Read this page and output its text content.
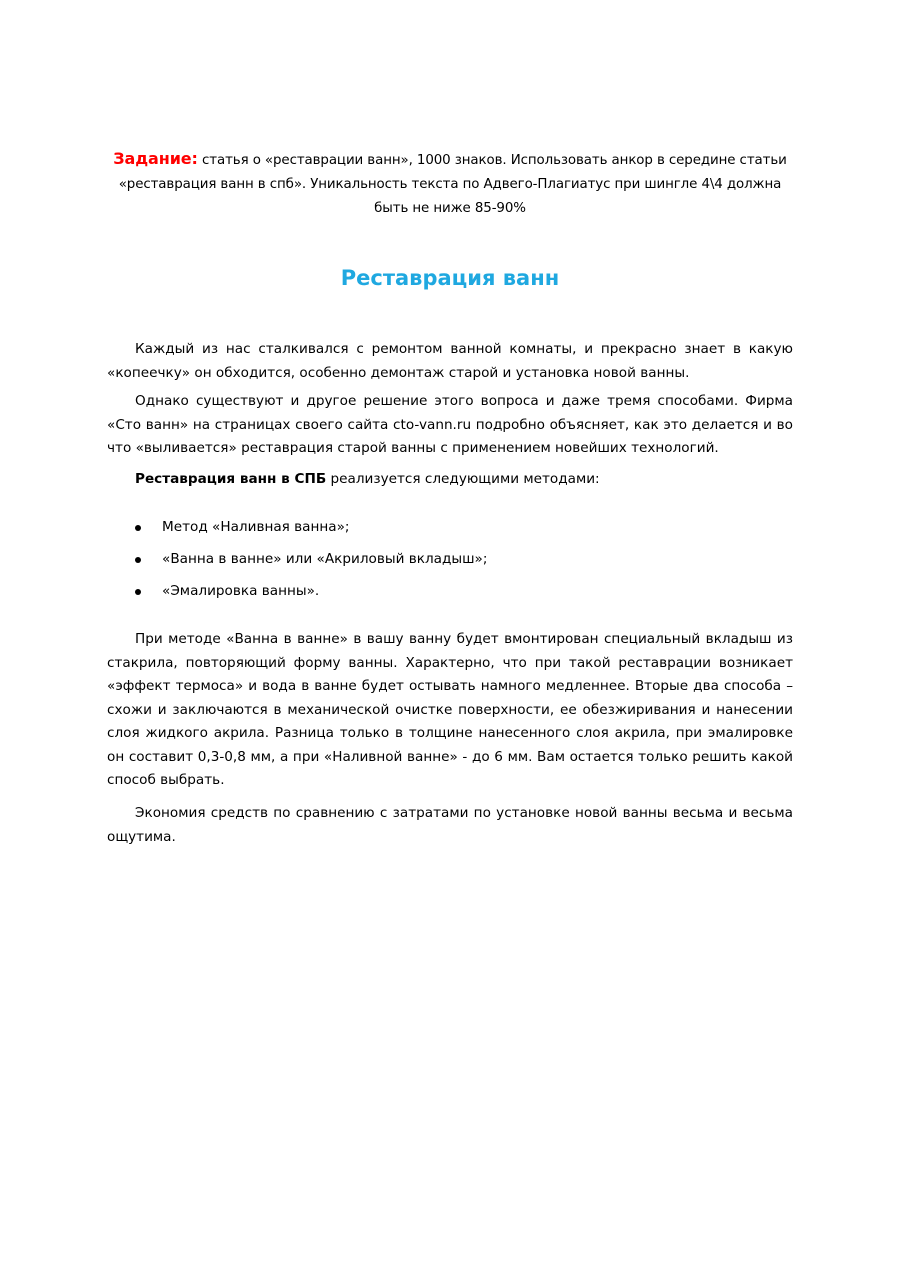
Задание: статья о «реставрации ванн», 1000 знаков. Использовать анкор в середине статьи «реставрация ванн в спб». Уникальность текста по Адвего-Плагиатус при шингле 4\4 должна быть не ниже 85-90%
Реставрация ванн

Каждый из нас сталкивался с ремонтом ванной комнаты, и прекрасно знает в какую «копеечку» он обходится, особенно демонтаж старой и установка новой ванны.

Однако существуют и другое решение этого вопроса и даже тремя способами. Фирма «Сто ванн» на страницах своего сайта cto-vann.ru подробно объясняет, как это делается и во что «выливается» реставрация старой ванны с применением новейших технологий.

Реставрация ванн в СПБ реализуется следующими методами:

Метод «Наливная ванна»;
«Ванна в ванне» или «Акриловый вкладыш»;
«Эмалировка ванны».

При методе «Ванна в ванне» в вашу ванну будет вмонтирован специальный вкладыш из стакрила, повторяющий форму ванны. Характерно, что при такой реставрации возникает «эффект термоса» и вода в ванне будет остывать намного медленнее. Вторые два способа – схожи и заключаются в механической очистке поверхности, ее обезжиривания и нанесении слоя жидкого акрила. Разница только в толщине нанесенного слоя акрила, при эмалировке он составит 0,3-0,8 мм, а при «Наливной ванне» - до 6 мм. Вам остается только решить какой способ выбрать.

Экономия средств по сравнению с затратами по установке новой ванны весьма и весьма ощутима.
